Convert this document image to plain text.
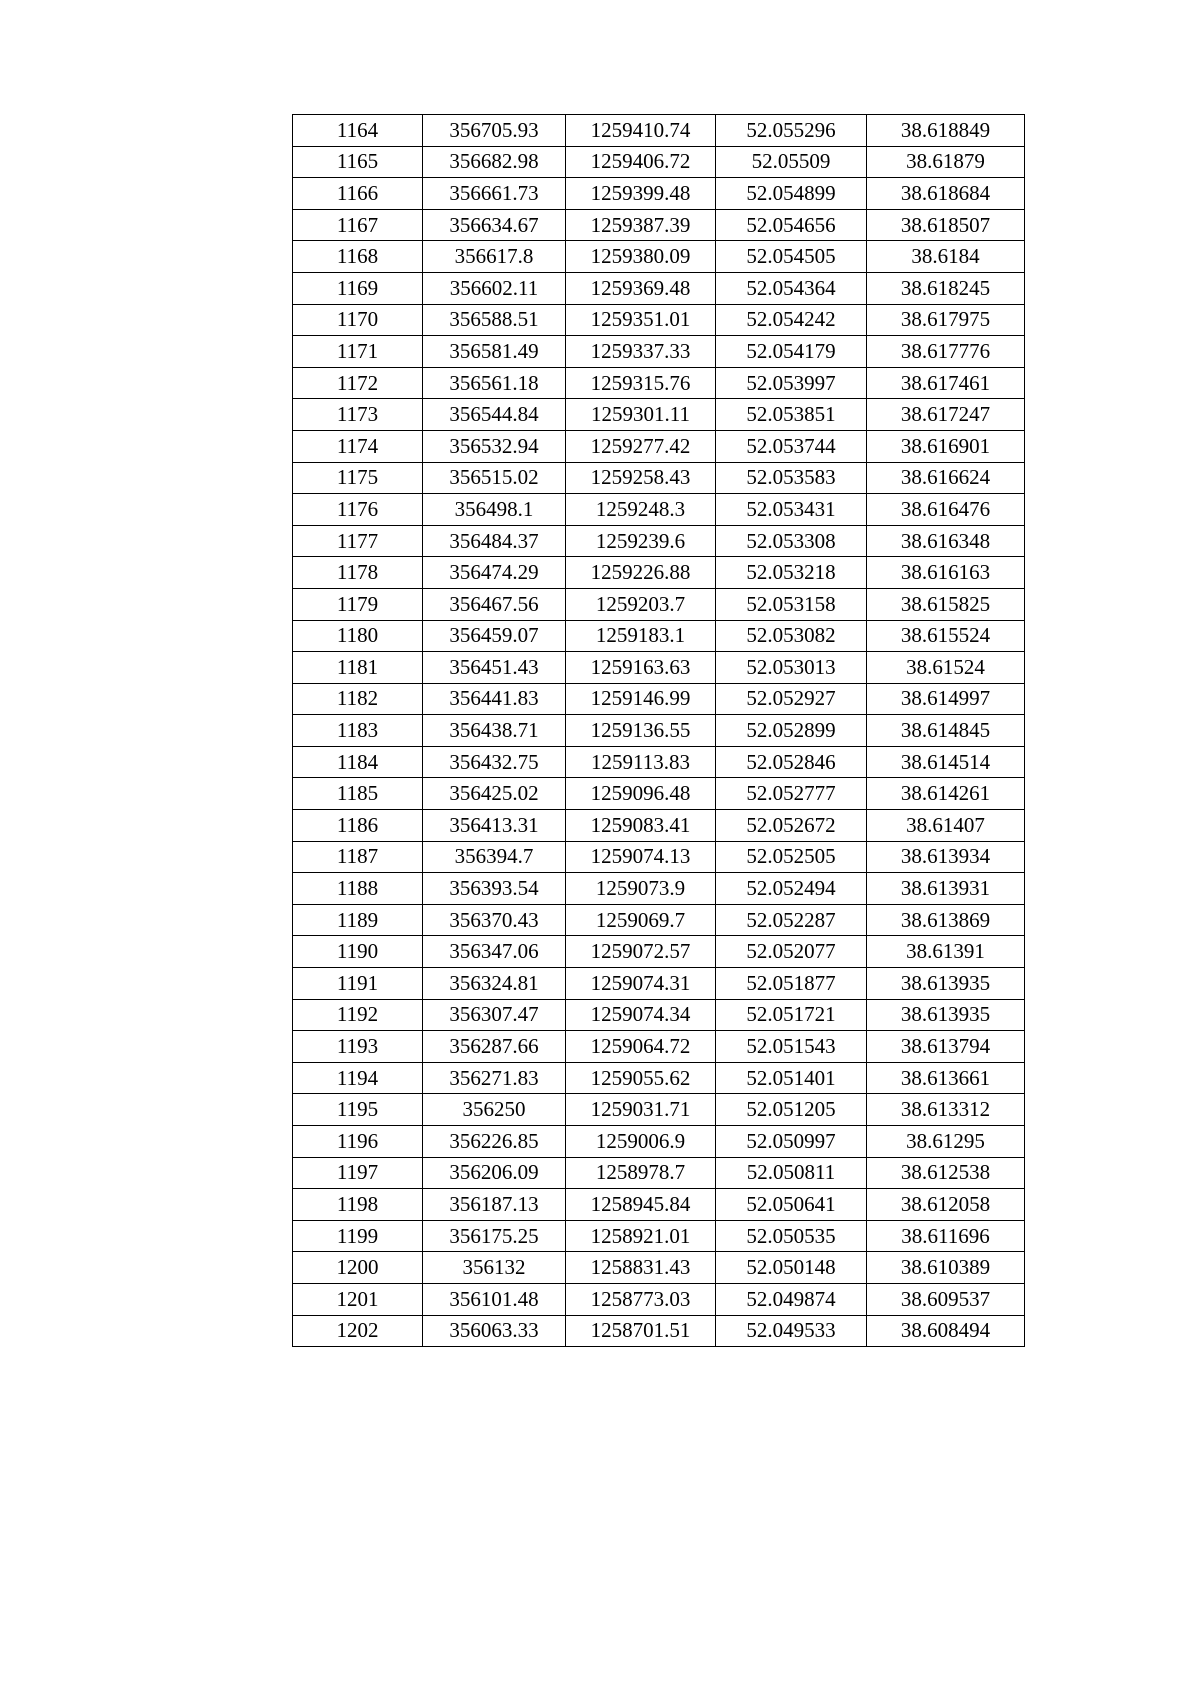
1164	356705.93	1259410.74	52.055296	38.618849
1165	356682.98	1259406.72	52.05509	38.61879
1166	356661.73	1259399.48	52.054899	38.618684
1167	356634.67	1259387.39	52.054656	38.618507
1168	356617.8	1259380.09	52.054505	38.6184
1169	356602.11	1259369.48	52.054364	38.618245
1170	356588.51	1259351.01	52.054242	38.617975
1171	356581.49	1259337.33	52.054179	38.617776
1172	356561.18	1259315.76	52.053997	38.617461
1173	356544.84	1259301.11	52.053851	38.617247
1174	356532.94	1259277.42	52.053744	38.616901
1175	356515.02	1259258.43	52.053583	38.616624
1176	356498.1	1259248.3	52.053431	38.616476
1177	356484.37	1259239.6	52.053308	38.616348
1178	356474.29	1259226.88	52.053218	38.616163
1179	356467.56	1259203.7	52.053158	38.615825
1180	356459.07	1259183.1	52.053082	38.615524
1181	356451.43	1259163.63	52.053013	38.61524
1182	356441.83	1259146.99	52.052927	38.614997
1183	356438.71	1259136.55	52.052899	38.614845
1184	356432.75	1259113.83	52.052846	38.614514
1185	356425.02	1259096.48	52.052777	38.614261
1186	356413.31	1259083.41	52.052672	38.61407
1187	356394.7	1259074.13	52.052505	38.613934
1188	356393.54	1259073.9	52.052494	38.613931
1189	356370.43	1259069.7	52.052287	38.613869
1190	356347.06	1259072.57	52.052077	38.61391
1191	356324.81	1259074.31	52.051877	38.613935
1192	356307.47	1259074.34	52.051721	38.613935
1193	356287.66	1259064.72	52.051543	38.613794
1194	356271.83	1259055.62	52.051401	38.613661
1195	356250	1259031.71	52.051205	38.613312
1196	356226.85	1259006.9	52.050997	38.61295
1197	356206.09	1258978.7	52.050811	38.612538
1198	356187.13	1258945.84	52.050641	38.612058
1199	356175.25	1258921.01	52.050535	38.611696
1200	356132	1258831.43	52.050148	38.610389
1201	356101.48	1258773.03	52.049874	38.609537
1202	356063.33	1258701.51	52.049533	38.608494
